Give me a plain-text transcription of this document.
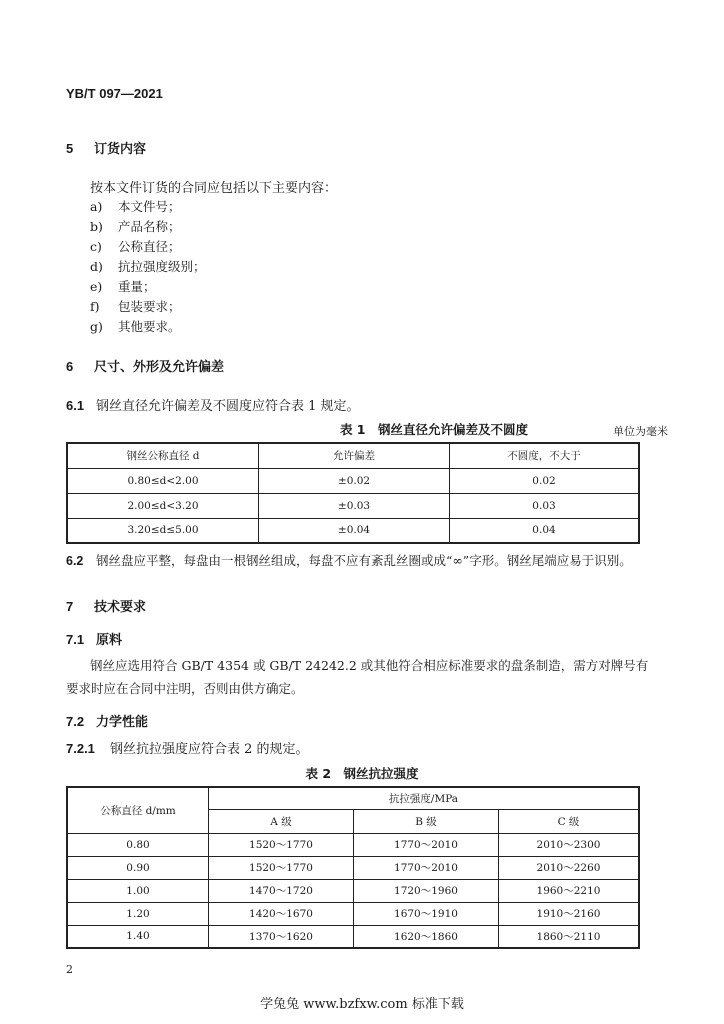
YB/T 097—2021
5 订货内容
按本文件订货的合同应包括以下主要内容：
a) 本文件号；
b) 产品名称；
c) 公称直径；
d) 抗拉强度级别；
e) 重量；
f) 包装要求；
g) 其他要求。
6 尺寸、外形及允许偏差
6.1 钢丝直径允许偏差及不圆度应符合表 1 规定。
表 1　钢丝直径允许偏差及不圆度	单位为毫米
钢丝公称直径 d	允许偏差	不圆度，不大于
0.80≤d<2.00	±0.02	0.02
2.00≤d<3.20	±0.03	0.03
3.20≤d≤5.00	±0.04	0.04
6.2 钢丝盘应平整，每盘由一根钢丝组成，每盘不应有紊乱丝圈或成“∞”字形。钢丝尾端应易于识别。
7 技术要求
7.1 原料
钢丝应选用符合 GB/T 4354 或 GB/T 24242.2 或其他符合相应标准要求的盘条制造，需方对牌号有
要求时应在合同中注明，否则由供方确定。
7.2 力学性能
7.2.1 钢丝抗拉强度应符合表 2 的规定。
表 2　钢丝抗拉强度
公称直径 d/mm	抗拉强度/MPa		
	A 级	B 级	C 级
0.80	1520～1770	1770～2010	2010～2300
0.90	1520～1770	1770～2010	2010～2260
1.00	1470～1720	1720～1960	1960～2210
1.20	1420～1670	1670～1910	1910～2160
1.40	1370～1620	1620～1860	1860～2110
2
学兔兔 www.bzfxw.com 标准下载
